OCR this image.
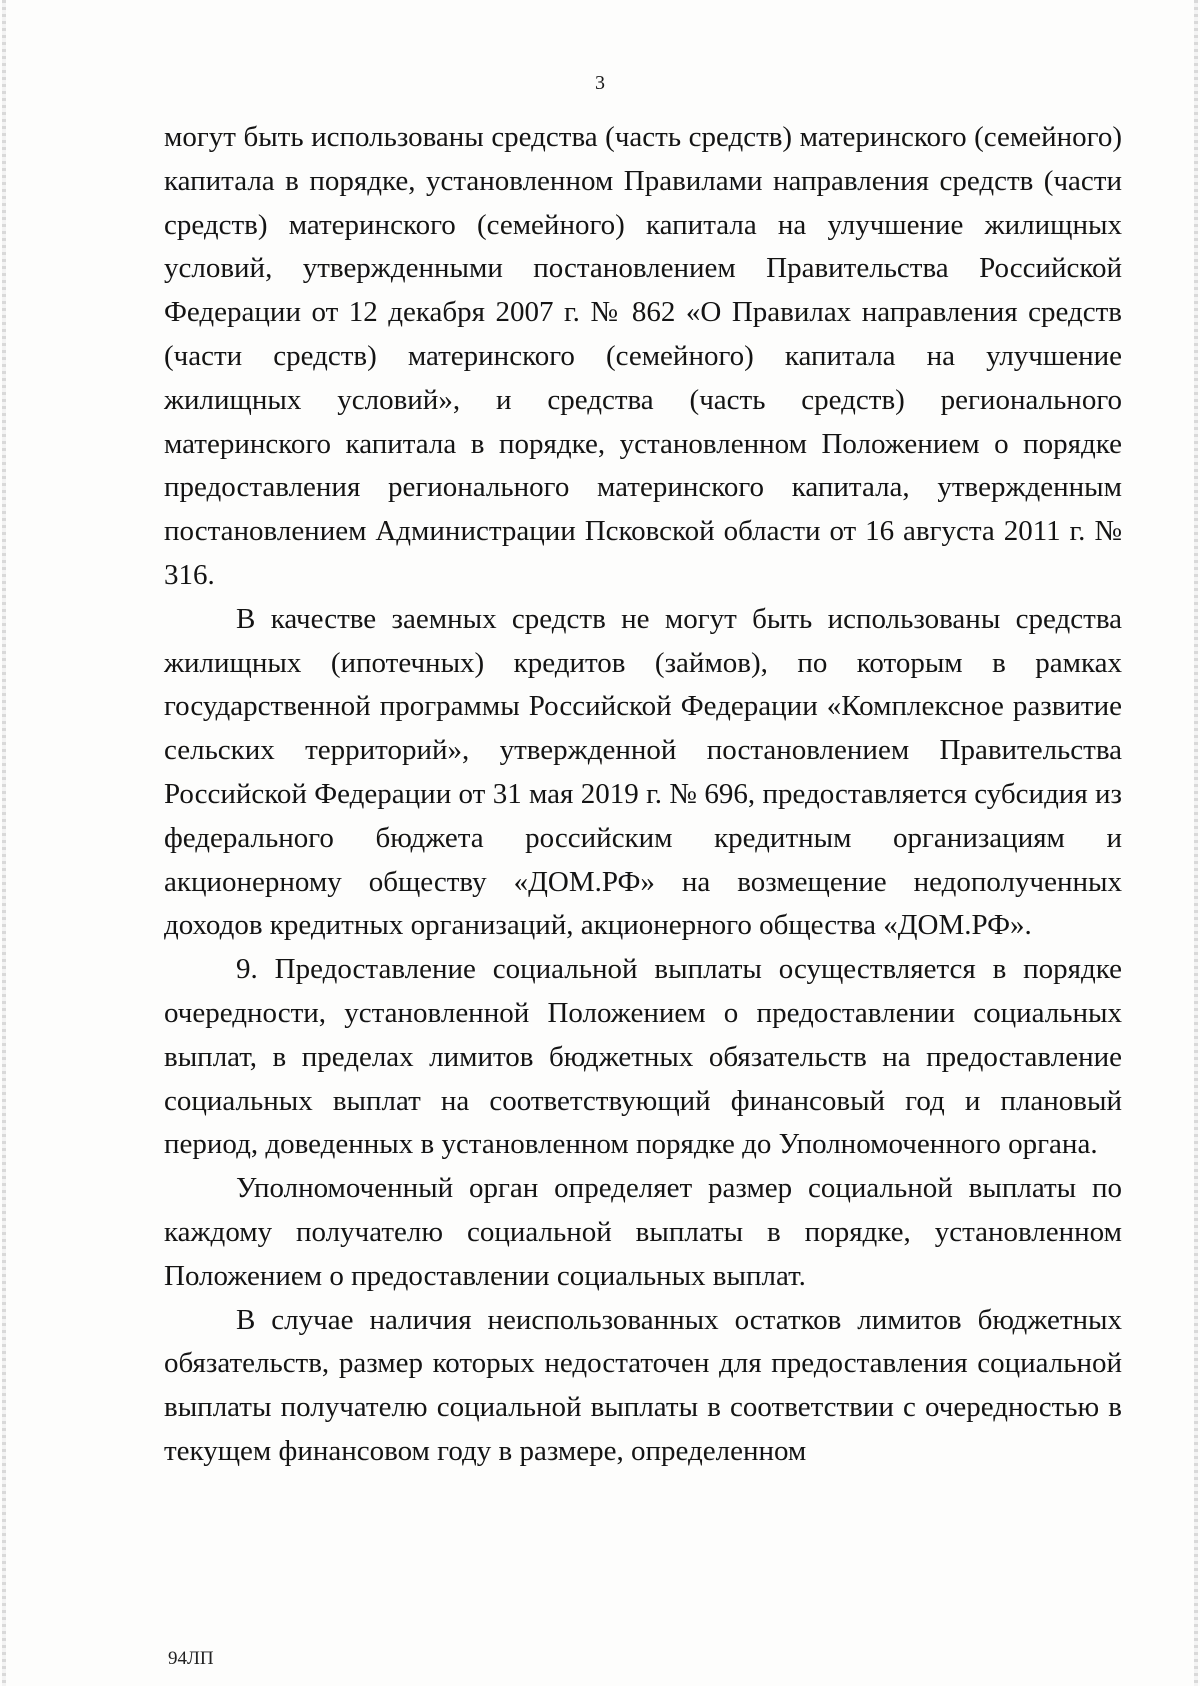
3

могут быть использованы средства (часть средств) материнского (семейного) капитала в порядке, установленном Правилами направления средств (части средств) материнского (семейного) капитала на улучшение жилищных условий, утвержденными постановлением Правительства Российской Федерации от 12 декабря 2007 г. № 862 «О Правилах направления средств (части средств) материнского (семейного) капитала на улучшение жилищных условий», и средства (часть средств) регионального материнского капитала в порядке, установленном Положением о порядке предоставления регионального материнского капитала, утвержденным постановлением Администрации Псковской области от 16 августа 2011 г. № 316.

В качестве заемных средств не могут быть использованы средства жилищных (ипотечных) кредитов (займов), по которым в рамках государственной программы Российской Федерации «Комплексное развитие сельских территорий», утвержденной постановлением Правительства Российской Федерации от 31 мая 2019 г. № 696, предоставляется субсидия из федерального бюджета российским кредитным организациям и акционерному обществу «ДОМ.РФ» на возмещение недополученных доходов кредитных организаций, акционерного общества «ДОМ.РФ».

9. Предоставление социальной выплаты осуществляется в порядке очередности, установленной Положением о предоставлении социальных выплат, в пределах лимитов бюджетных обязательств на предоставление социальных выплат на соответствующий финансовый год и плановый период, доведенных в установленном порядке до Уполномоченного органа.

Уполномоченный орган определяет размер социальной выплаты по каждому получателю социальной выплаты в порядке, установленном Положением о предоставлении социальных выплат.

В случае наличия неиспользованных остатков лимитов бюджетных обязательств, размер которых недостаточен для предоставления социальной выплаты получателю социальной выплаты в соответствии с очередностью в текущем финансовом году в размере, определенном

94ЛП
